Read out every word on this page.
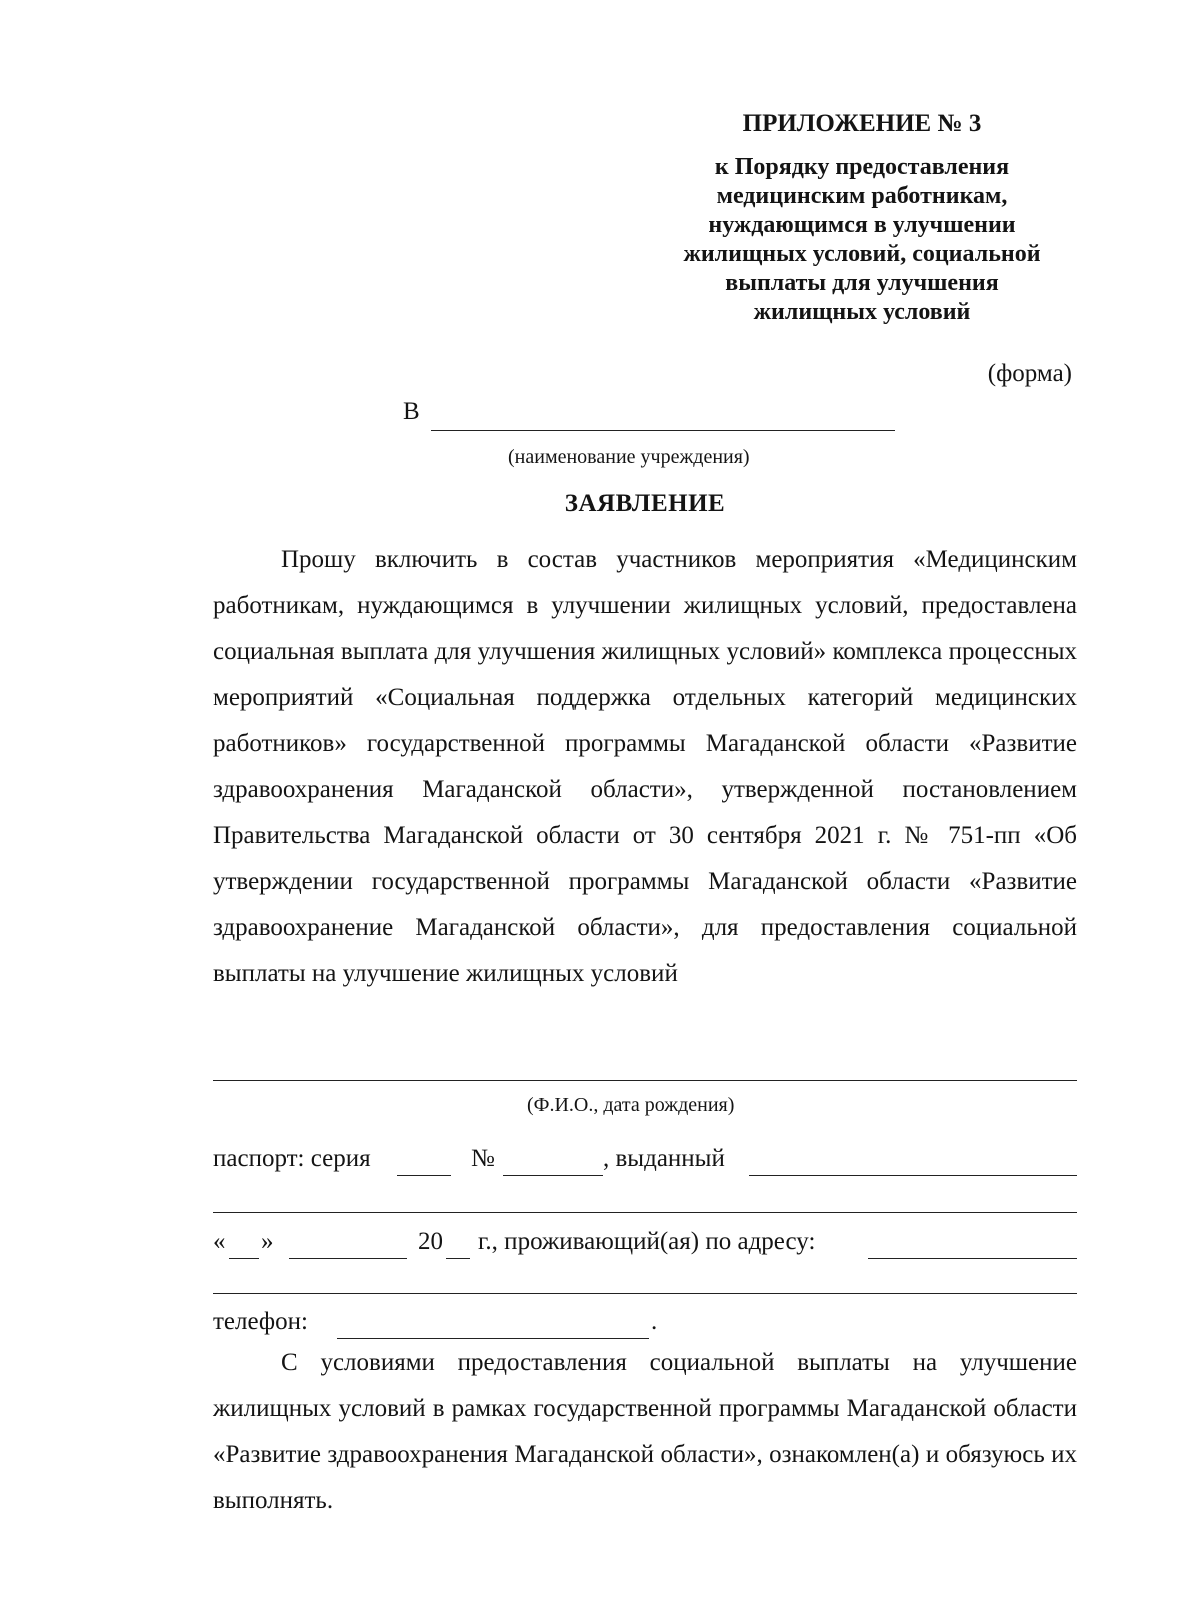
ПРИЛОЖЕНИЕ № 3
к Порядку предоставления
медицинским работникам,
нуждающимся в улучшении
жилищных условий, социальной
выплаты для улучшения
жилищных условий
(форма)
В
(наименование учреждения)
ЗАЯВЛЕНИЕ

Прошу включить в состав участников мероприятия «Медицинским работникам, нуждающимся в улучшении жилищных условий, предоставлена социальная выплата для улучшения жилищных условий» комплекса процессных мероприятий «Социальная поддержка отдельных категорий медицинских работников» государственной программы Магаданской области «Развитие здравоохранения Магаданской области», утвержденной постановлением Правительства Магаданской области от 30 сентября 2021 г. № 751-пп «Об утверждении государственной программы Магаданской области «Развитие здравоохранение Магаданской области», для предоставления социальной выплаты на улучшение жилищных условий

(Ф.И.О., дата рождения)
паспорт: серия	№	, выданный
« »	20 г., проживающий(ая) по адресу:
телефон:	.

С условиями предоставления социальной выплаты на улучшение жилищных условий в рамках государственной программы Магаданской области «Развитие здравоохранения Магаданской области», ознакомлен(а) и обязуюсь их выполнять.
